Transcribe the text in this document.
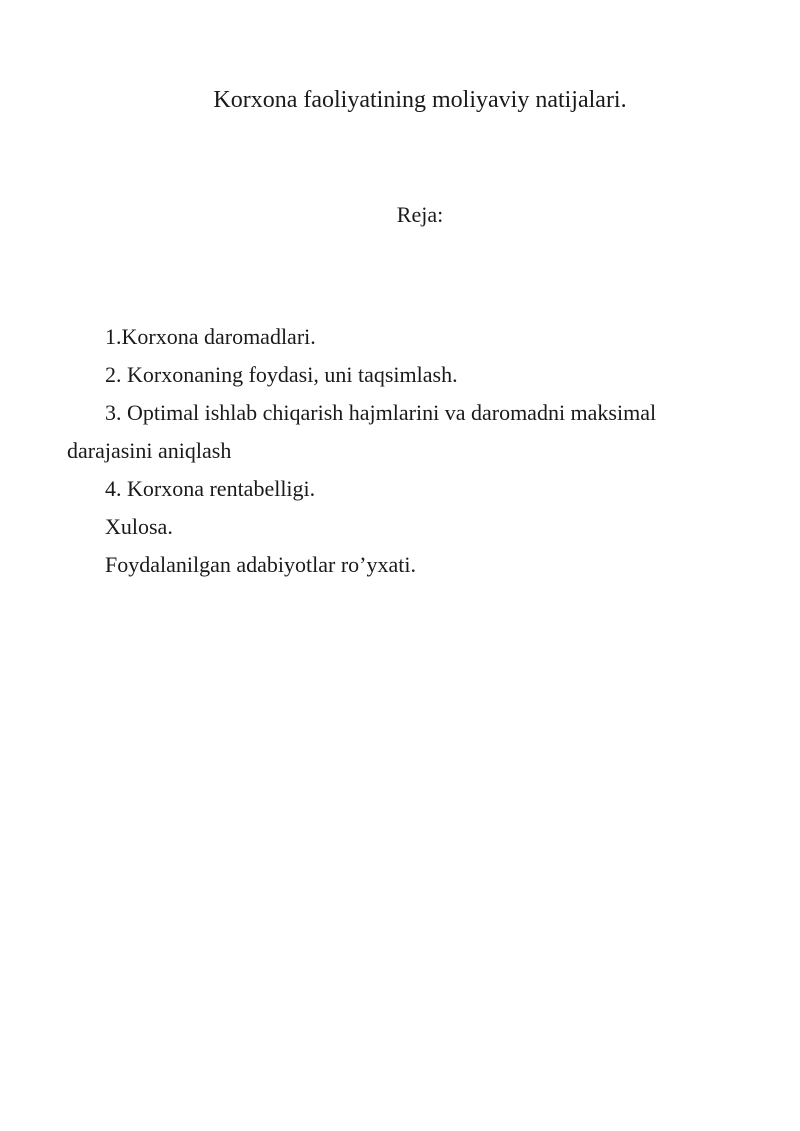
Korxona faoliyatining moliyaviy natijalari.
Reja:
1.Korxona daromadlari.
2. Korxonaning foydasi, uni taqsimlash.
3. Optimal ishlab chiqarish hajmlarini va daromadni maksimal darajasini aniqlash
4. Korxona rentabelligi.
Xulosa.
Foydalanilgan adabiyotlar ro’yxati.
